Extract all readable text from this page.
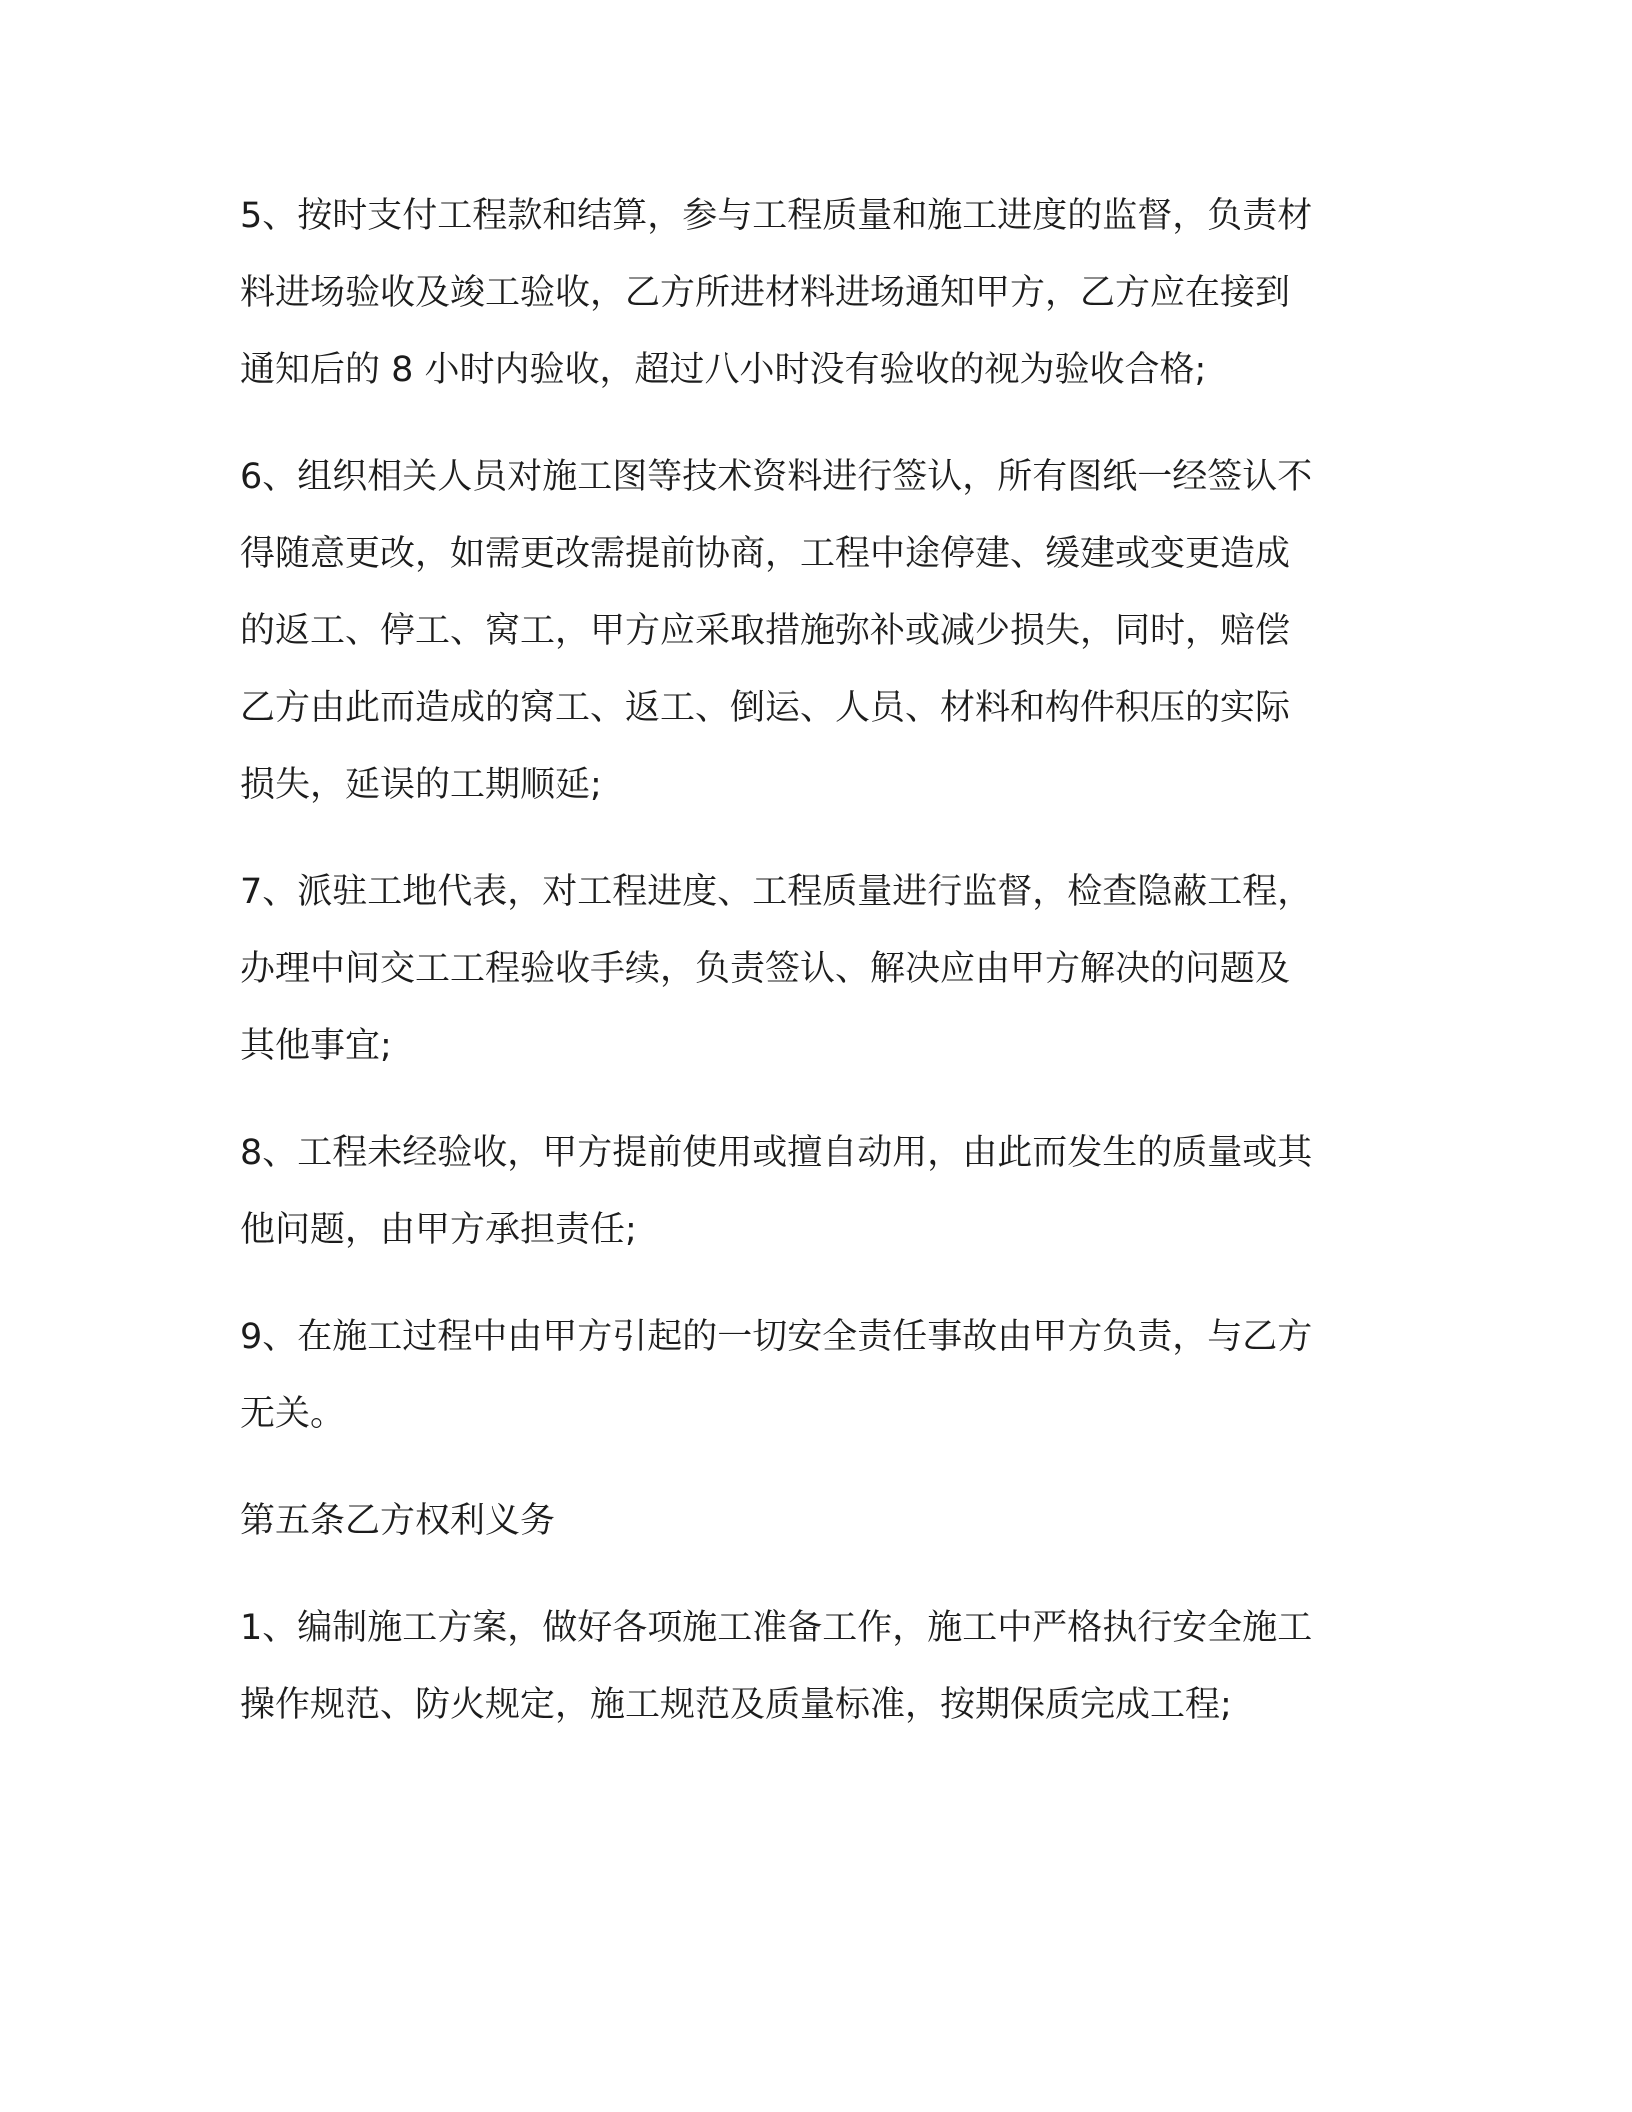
5、按时支付工程款和结算，参与工程质量和施工进度的监督，负责材
料进场验收及竣工验收，乙方所进材料进场通知甲方，乙方应在接到
通知后的 8 小时内验收，超过八小时没有验收的视为验收合格;

6、组织相关人员对施工图等技术资料进行签认，所有图纸一经签认不
得随意更改，如需更改需提前协商，工程中途停建、缓建或变更造成
的返工、停工、窝工，甲方应采取措施弥补或减少损失，同时，赔偿
乙方由此而造成的窝工、返工、倒运、人员、材料和构件积压的实际
损失，延误的工期顺延;

7、派驻工地代表，对工程进度、工程质量进行监督，检查隐蔽工程，
办理中间交工工程验收手续，负责签认、解决应由甲方解决的问题及
其他事宜;

8、工程未经验收，甲方提前使用或擅自动用，由此而发生的质量或其
他问题，由甲方承担责任;

9、在施工过程中由甲方引起的一切安全责任事故由甲方负责，与乙方
无关。

第五条乙方权利义务

1、编制施工方案，做好各项施工准备工作，施工中严格执行安全施工
操作规范、防火规定，施工规范及质量标准，按期保质完成工程;
